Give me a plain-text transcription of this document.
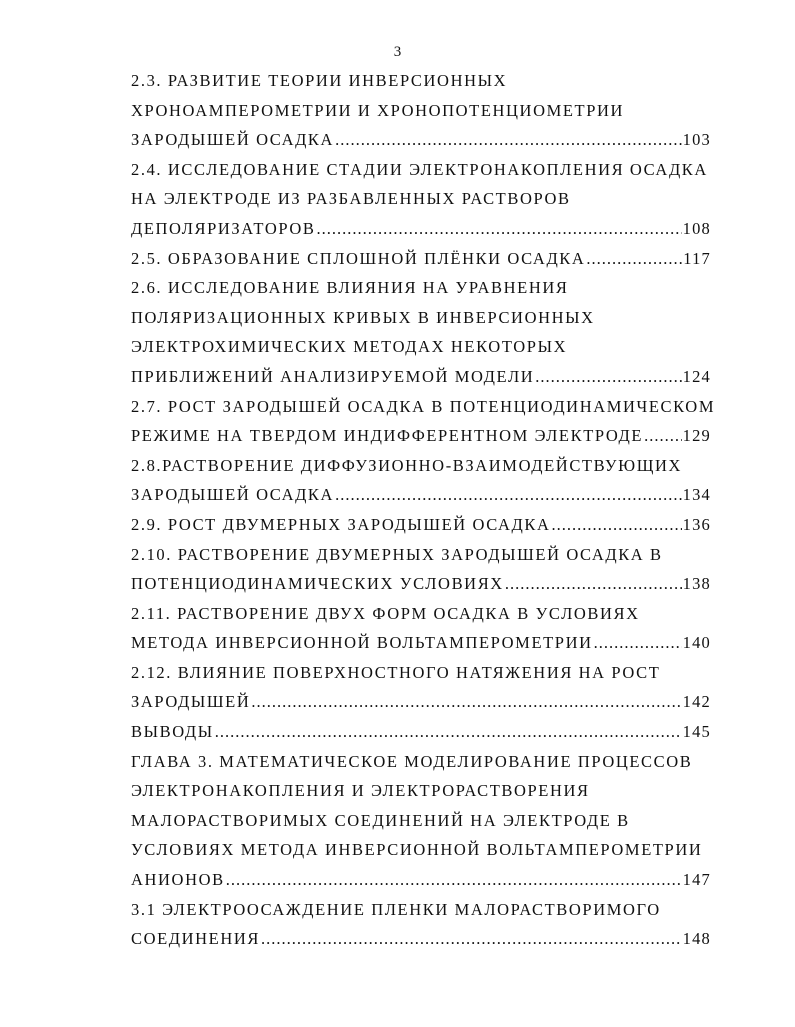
3
2.3. РАЗВИТИЕ ТЕОРИИ ИНВЕРСИОННЫХ
ХРОНОАМПЕРОМЕТРИИ И ХРОНОПОТЕНЦИОМЕТРИИ
ЗАРОДЫШЕЙ ОСАДКА .....	103
2.4. ИССЛЕДОВАНИЕ СТАДИИ ЭЛЕКТРОНАКОПЛЕНИЯ ОСАДКА
НА ЭЛЕКТРОДЕ ИЗ РАЗБАВЛЕННЫХ РАСТВОРОВ
ДЕПОЛЯРИЗАТОРОВ .....	108
2.5. ОБРАЗОВАНИЕ СПЛОШНОЙ ПЛЁНКИ ОСАДКА .....	117
2.6. ИССЛЕДОВАНИЕ ВЛИЯНИЯ НА УРАВНЕНИЯ
ПОЛЯРИЗАЦИОННЫХ КРИВЫХ В ИНВЕРСИОННЫХ
ЭЛЕКТРОХИМИЧЕСКИХ МЕТОДАХ НЕКОТОРЫХ
ПРИБЛИЖЕНИЙ АНАЛИЗИРУЕМОЙ МОДЕЛИ .....	124
2.7. РОСТ ЗАРОДЫШЕЙ ОСАДКА В ПОТЕНЦИОДИНАМИЧЕСКОМ
РЕЖИМЕ НА ТВЕРДОМ ИНДИФФЕРЕНТНОМ ЭЛЕКТРОДЕ ..... 129
2.8.РАСТВОРЕНИЕ ДИФФУЗИОННО-ВЗАИМОДЕЙСТВУЮЩИХ
ЗАРОДЫШЕЙ ОСАДКА .....	134
2.9. РОСТ ДВУМЕРНЫХ ЗАРОДЫШЕЙ ОСАДКА .....	136
2.10. РАСТВОРЕНИЕ ДВУМЕРНЫХ ЗАРОДЫШЕЙ ОСАДКА В
ПОТЕНЦИОДИНАМИЧЕСКИХ УСЛОВИЯХ .....	138
2.11. РАСТВОРЕНИЕ ДВУХ ФОРМ ОСАДКА В УСЛОВИЯХ
МЕТОДА ИНВЕРСИОННОЙ ВОЛЬТАМПЕРОМЕТРИИ .....	140
2.12. ВЛИЯНИЕ ПОВЕРХНОСТНОГО НАТЯЖЕНИЯ НА РОСТ
ЗАРОДЫШЕЙ .....	142
ВЫВОДЫ .....	145
ГЛАВА 3. МАТЕМАТИЧЕСКОЕ МОДЕЛИРОВАНИЕ ПРОЦЕССОВ
ЭЛЕКТРОНАКОПЛЕНИЯ И ЭЛЕКТРОРАСТВОРЕНИЯ
МАЛОРАСТВОРИМЫХ СОЕДИНЕНИЙ НА ЭЛЕКТРОДЕ В
УСЛОВИЯХ МЕТОДА ИНВЕРСИОННОЙ ВОЛЬТАМПЕРОМЕТРИИ
АНИОНОВ .....	147
3.1 ЭЛЕКТРООСАЖДЕНИЕ ПЛЕНКИ МАЛОРАСТВОРИМОГО
СОЕДИНЕНИЯ .....	148
